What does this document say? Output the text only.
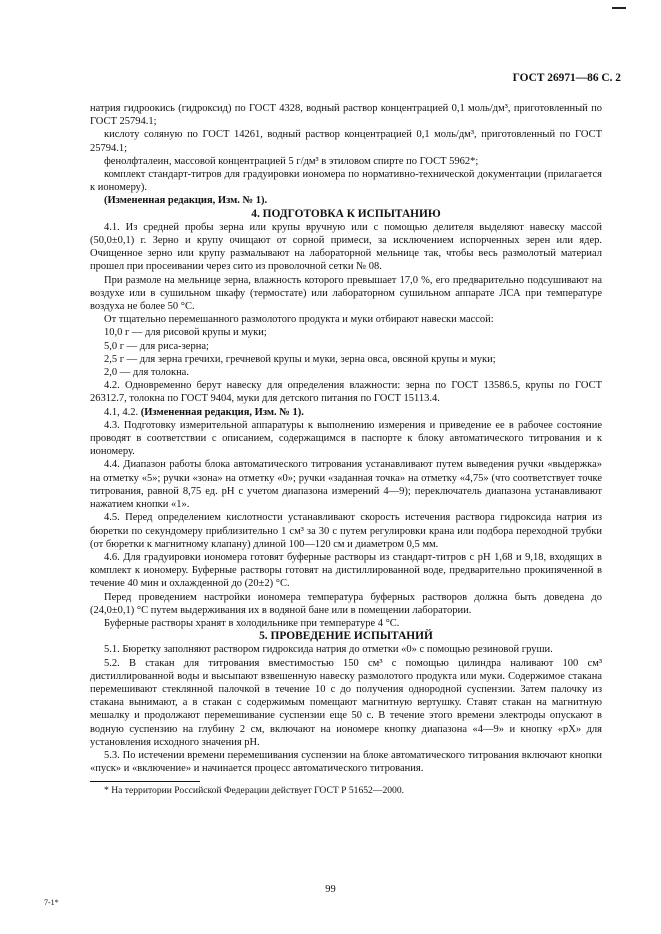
ГОСТ 26971—86 С. 2

натрия гидроокись (гидроксид) по ГОСТ 4328, водный раствор концентрацией 0,1 моль/дм³, приготовленный по ГОСТ 25794.1;

кислоту соляную по ГОСТ 14261, водный раствор концентрацией 0,1 моль/дм³, приготовленный по ГОСТ 25794.1;

фенолфталеин, массовой концентрацией 5 г/дм³ в этиловом спирте по ГОСТ 5962*;

комплект стандарт-титров для градуировки иономера по нормативно-технической документации (прилагается к иономеру).

(Измененная редакция, Изм. № 1).

4. ПОДГОТОВКА К ИСПЫТАНИЮ

4.1. Из средней пробы зерна или крупы вручную или с помощью делителя выделяют навеску массой (50,0±0,1) г. Зерно и крупу очищают от сорной примеси, за исключением испорченных зерен или ядер. Очищенное зерно или крупу размалывают на лабораторной мельнице так, чтобы весь размолотый материал прошел при просеивании через сито из проволочной сетки № 08.

При размоле на мельнице зерна, влажность которого превышает 17,0 %, его предварительно подсушивают на воздухе или в сушильном шкафу (термостате) или лабораторном сушильном аппарате ЛСА при температуре воздуха не более 50 °С.

От тщательно перемешанного размолотого продукта и муки отбирают навески массой:

10,0 г — для рисовой крупы и муки;

5,0 г — для риса-зерна;

2,5 г — для зерна гречихи, гречневой крупы и муки, зерна овса, овсяной крупы и муки;

2,0 — для толокна.

4.2. Одновременно берут навеску для определения влажности: зерна по ГОСТ 13586.5, крупы по ГОСТ 26312.7, толокна по ГОСТ 9404, муки для детского питания по ГОСТ 15113.4.

4.1, 4.2. (Измененная редакция, Изм. № 1).

4.3. Подготовку измерительной аппаратуры к выполнению измерения и приведение ее в рабочее состояние проводят в соответствии с описанием, содержащимся в паспорте к блоку автоматического титрования и к иономеру.

4.4. Диапазон работы блока автоматического титрования устанавливают путем выведения ручки «выдержка» на отметку «5»; ручки «зона» на отметку «0»; ручки «заданная точка» на отметку «4,75» (что соответствует точке титрования, равной 8,75 ед. рН с учетом диапазона измерений 4—9); переключатель диапазона устанавливают нажатием кнопки «1».

4.5. Перед определением кислотности устанавливают скорость истечения раствора гидроксида натрия из бюретки по секундомеру приблизительно 1 см³ за 30 с путем регулировки крана или подбора переходной трубки (от бюретки к магнитному клапану) длиной 100—120 см и диаметром 0,5 мм.

4.6. Для градуировки иономера готовят буферные растворы из стандарт-титров с рН 1,68 и 9,18, входящих в комплект к иономеру. Буферные растворы готовят на дистиллированной воде, предварительно прокипяченной в течение 40 мин и охлажденной до (20±2) °С.

Перед проведением настройки иономера температура буферных растворов должна быть доведена до (24,0±0,1) °С путем выдерживания их в водяной бане или в помещении лаборатории.

Буферные растворы хранят в холодильнике при температуре 4 °С.

5. ПРОВЕДЕНИЕ ИСПЫТАНИЙ

5.1. Бюретку заполняют раствором гидроксида натрия до отметки «0» с помощью резиновой груши.

5.2. В стакан для титрования вместимостью 150 см³ с помощью цилиндра наливают 100 см³ дистиллированной воды и высыпают взвешенную навеску размолотого продукта или муки. Содержимое стакана перемешивают стеклянной палочкой в течение 10 с до получения однородной суспензии. Затем палочку из стакана вынимают, а в стакан с содержимым помещают магнитную вертушку. Ставят стакан на магнитную мешалку и продолжают перемешивание суспензии еще 50 с. В течение этого времени электроды опускают в водную суспензию на глубину 2 см, включают на иономере кнопку диапазона «4—9» и кнопку «рХ» для установления исходного значения рН.

5.3. По истечении времени перемешивания суспензии на блоке автоматического титрования включают кнопки «пуск» и «включение» и начинается процесс автоматического титрования.

* На территории Российской Федерации действует ГОСТ Р 51652—2000.

99
7-1*
